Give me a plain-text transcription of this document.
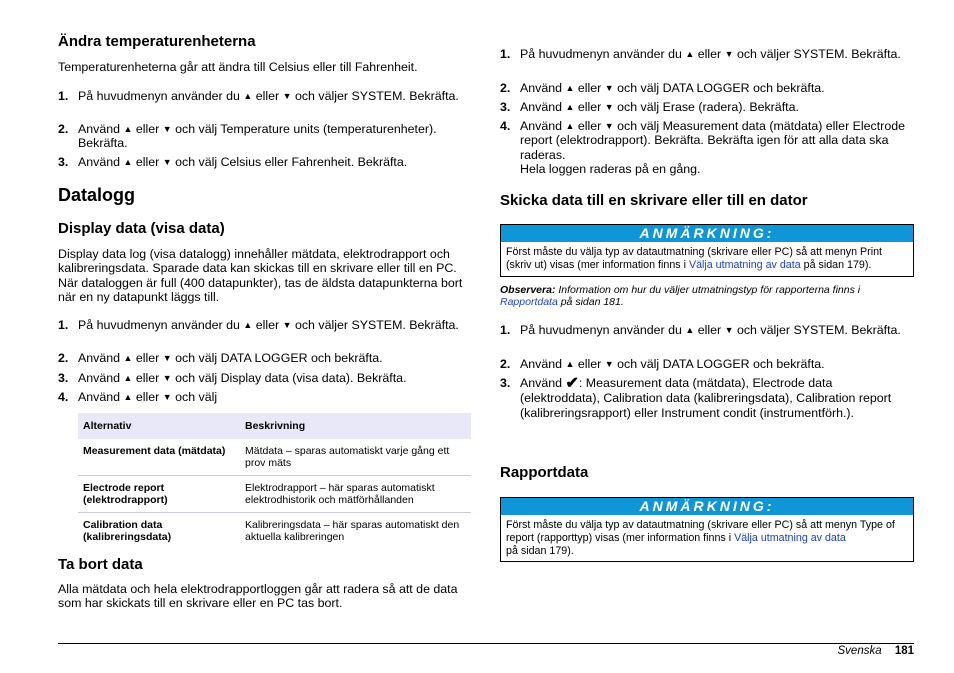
Ändra temperaturenheterna

Temperaturenheterna går att ändra till Celsius eller till Fahrenheit.

1. På huvudmenyn använder du ▲ eller ▼ och väljer SYSTEM. Bekräfta.
2. Använd ▲ eller ▼ och välj Temperature units (temperaturenheter). Bekräfta.
3. Använd ▲ eller ▼ och välj Celsius eller Fahrenheit. Bekräfta.
Datalogg
Display data (visa data)

Display data log (visa datalogg) innehåller mätdata, elektrodrapport och kalibreringsdata. Sparade data kan skickas till en skrivare eller till en PC. När dataloggen är full (400 datapunkter), tas de äldsta datapunkterna bort när en ny datapunkt läggs till.

1. På huvudmenyn använder du ▲ eller ▼ och väljer SYSTEM. Bekräfta.
2. Använd ▲ eller ▼ och välj DATA LOGGER och bekräfta.
3. Använd ▲ eller ▼ och välj Display data (visa data). Bekräfta.
4. Använd ▲ eller ▼ och välj
Alternativ	Beskrivning
Measurement data (mätdata)	Mätdata – sparas automatiskt varje gång ett prov mäts
Electrode report (elektrodrapport)	Elektrodrapport – här sparas automatiskt elektrodhistorik och mätförhållanden
Calibration data (kalibreringsdata)	Kalibreringsdata – här sparas automatiskt den aktuella kalibreringen
Ta bort data

Alla mätdata och hela elektrodrapportloggen går att radera så att de data som har skickats till en skrivare eller en PC tas bort.

1. På huvudmenyn använder du ▲ eller ▼ och väljer SYSTEM. Bekräfta.
2. Använd ▲ eller ▼ och välj DATA LOGGER och bekräfta.
3. Använd ▲ eller ▼ och välj Erase (radera). Bekräfta.
4. Använd ▲ eller ▼ och välj Measurement data (mätdata) eller Electrode report (elektrodrapport). Bekräfta. Bekräfta igen för att alla data ska raderas.
Hela loggen raderas på en gång.
Skicka data till en skrivare eller till en dator
ANMÄRKNING:
Först måste du välja typ av datautmatning (skrivare eller PC) så att menyn Print (skriv ut) visas (mer information finns i Välja utmatning av data på sidan 179).
Observera: Information om hur du väljer utmatningstyp för rapporterna finns i
Rapportdata på sidan 181.
1. På huvudmenyn använder du ▲ eller ▼ och väljer SYSTEM. Bekräfta.
2. Använd ▲ eller ▼ och välj DATA LOGGER och bekräfta.
3. Använd ✔: Measurement data (mätdata), Electrode data (elektroddata), Calibration data (kalibreringsdata), Calibration report (kalibreringsrapport) eller Instrument condit (instrumentförh.).
Rapportdata
ANMÄRKNING:
Först måste du välja typ av datautmatning (skrivare eller PC) så att menyn Type of report (rapporttyp) visas (mer information finns i Välja utmatning av data
på sidan 179).
Svenska 181
